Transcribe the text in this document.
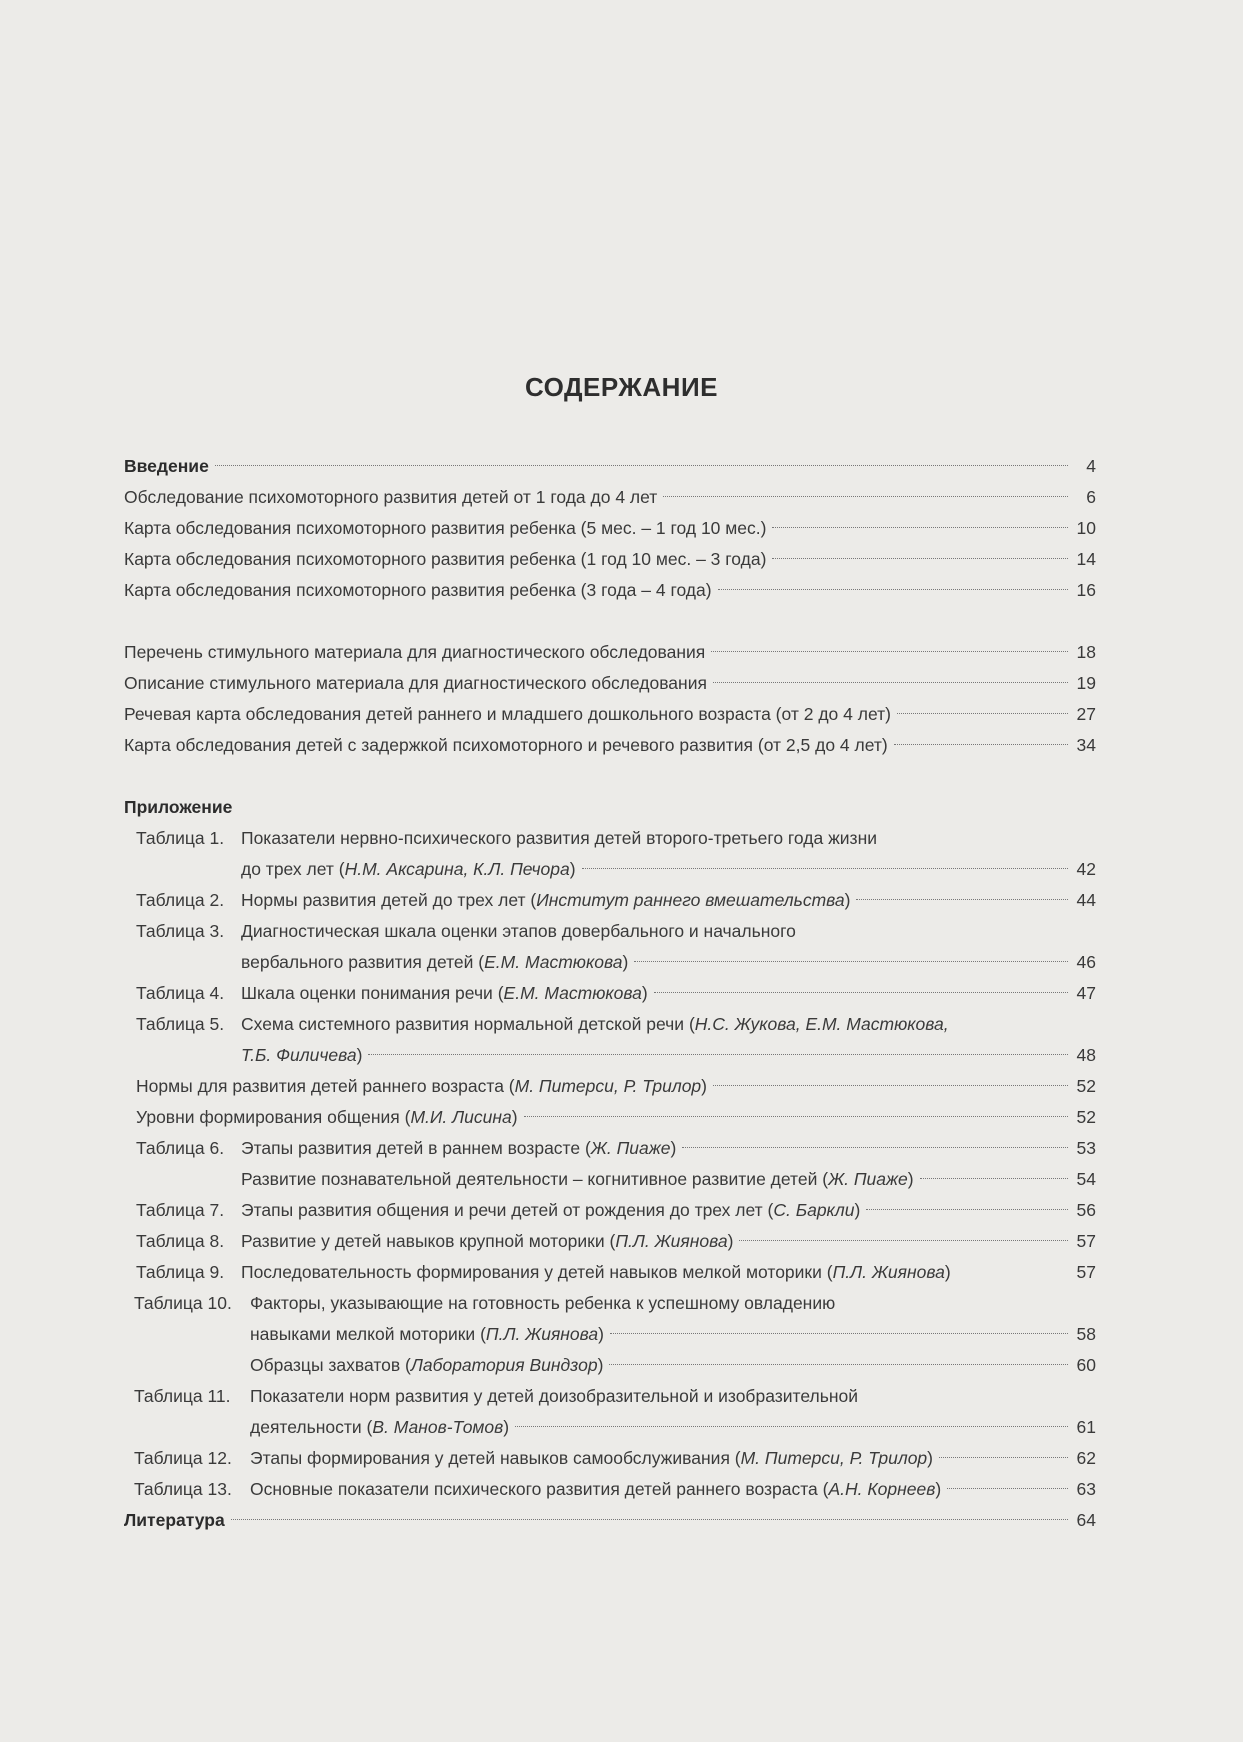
СОДЕРЖАНИЕ
Введение	4
Обследование психомоторного развития детей от 1 года до 4 лет	6
Карта обследования психомоторного развития ребенка (5 мес. – 1 год 10 мес.)	10
Карта обследования психомоторного развития ребенка (1 год 10 мес. – 3 года)	14
Карта обследования психомоторного развития ребенка (3 года – 4 года)	16
Перечень стимульного материала для диагностического обследования	18
Описание стимульного материала для диагностического обследования	19
Речевая карта обследования детей раннего и младшего дошкольного возраста (от 2 до 4 лет)	27
Карта обследования детей с задержкой психомоторного и речевого развития (от 2,5 до 4 лет)	34
Приложение
Таблица 1. Показатели нервно-психического развития детей второго-третьего года жизни
до трех лет ( Н.М. Аксарина, К.Л. Печора )	42
Таблица 2. Нормы развития детей до трех лет ( Институт раннего вмешательства )	44
Таблица 3. Диагностическая шкала оценки этапов довербального и начального
вербального развития детей ( Е.М. Мастюкова )	46
Таблица 4. Шкала оценки понимания речи ( Е.М. Мастюкова )	47
Таблица 5. Схема системного развития нормальной детской речи ( Н.С. Жукова, Е.М. Мастюкова,
Т.Б. Филичева )	48
Нормы для развития детей раннего возраста ( М. Питерси, Р. Трилор )	52
Уровни формирования общения ( М.И. Лисина )	52
Таблица 6. Этапы развития детей в раннем возрасте ( Ж. Пиаже )	53
Развитие познавательной деятельности – когнитивное развитие детей ( Ж. Пиаже )	54
Таблица 7. Этапы развития общения и речи детей от рождения до трех лет ( С. Баркли )	56
Таблица 8. Развитие у детей навыков крупной моторики ( П.Л. Жиянова )	57
Таблица 9. Последовательность формирования у детей навыков мелкой моторики ( П.Л. Жиянова )	57
Таблица 10.	Факторы, указывающие на готовность ребенка к успешному овладению
навыками мелкой моторики ( П.Л. Жиянова )	58
Образцы захватов ( Лаборатория Виндзор )	60
Таблица 11.	Показатели норм развития у детей доизобразительной и изобразительной
деятельности ( В. Манов-Томов )	61
Таблица 12.	Этапы формирования у детей навыков самообслуживания ( М. Питерси, Р. Трилор )	62
Таблица 13.	Основные показатели психического развития детей раннего возраста ( А.Н. Корнеев )	63
Литература	64
